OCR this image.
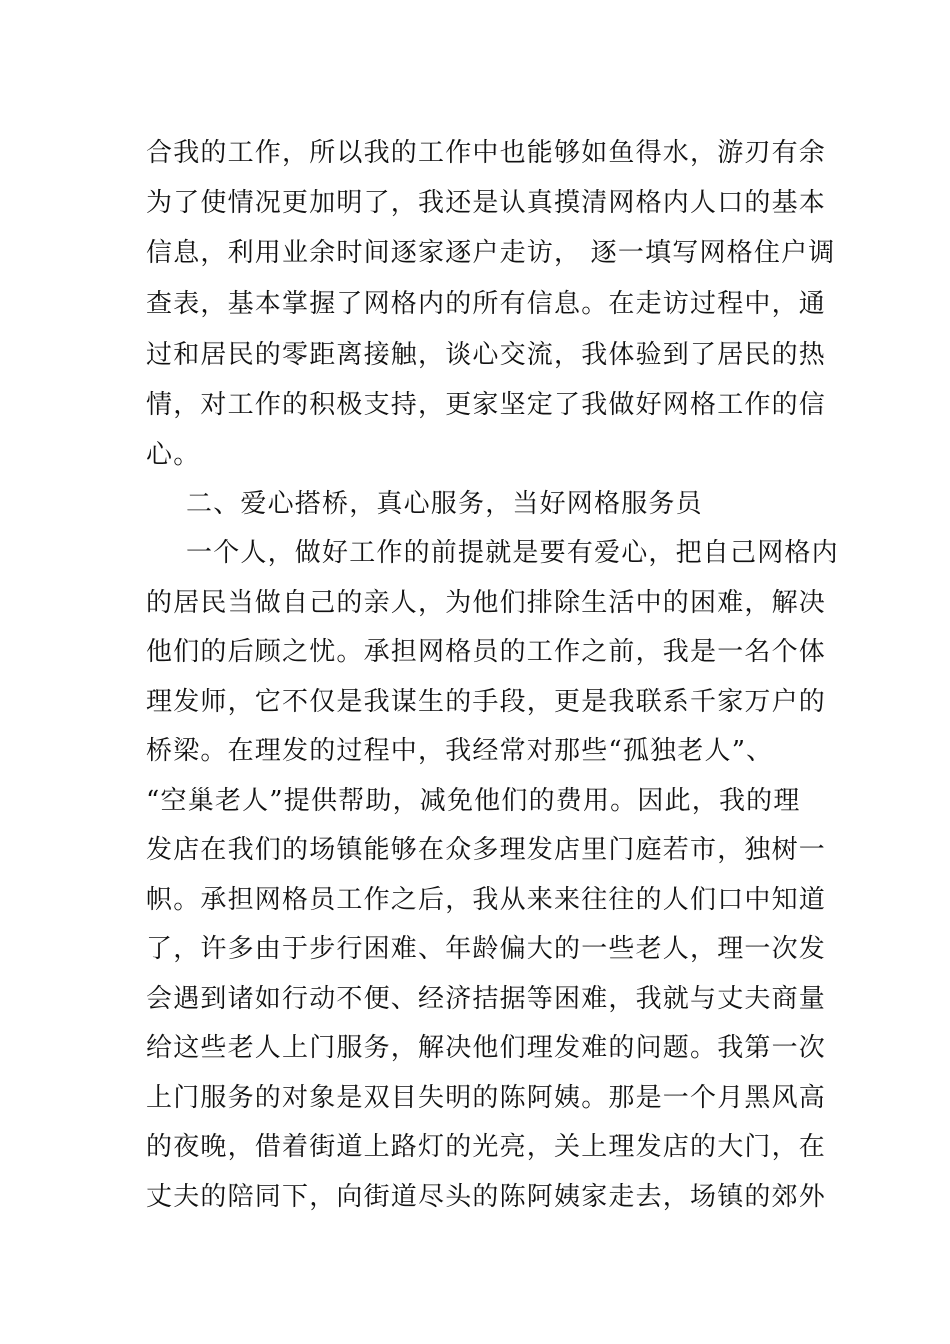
合我的工作，所以我的工作中也能够如鱼得水，游刃有余
为了使情况更加明了，我还是认真摸清网格内人口的基本
信息，利用业余时间逐家逐户走访， 逐一填写网格住户调
查表，基本掌握了网格内的所有信息。在走访过程中，通
过和居民的零距离接触，谈心交流，我体验到了居民的热
情，对工作的积极支持，更家坚定了我做好网格工作的信
心。
二、爱心搭桥，真心服务，当好网格服务员
一个人，做好工作的前提就是要有爱心，把自己网格内
的居民当做自己的亲人，为他们排除生活中的困难，解决
他们的后顾之忧。承担网格员的工作之前，我是一名个体
理发师，它不仅是我谋生的手段，更是我联系千家万户的
桥梁。在理发的过程中，我经常对那些“孤独老人”、
“空巢老人”提供帮助，减免他们的费用。因此，我的理
发店在我们的场镇能够在众多理发店里门庭若市，独树一
帜。承担网格员工作之后，我从来来往往的人们口中知道
了，许多由于步行困难、年龄偏大的一些老人，理一次发
会遇到诸如行动不便、经济拮据等困难，我就与丈夫商量
给这些老人上门服务，解决他们理发难的问题。我第一次
上门服务的对象是双目失明的陈阿姨。那是一个月黑风高
的夜晚，借着街道上路灯的光亮，关上理发店的大门，在
丈夫的陪同下，向街道尽头的陈阿姨家走去，场镇的郊外
